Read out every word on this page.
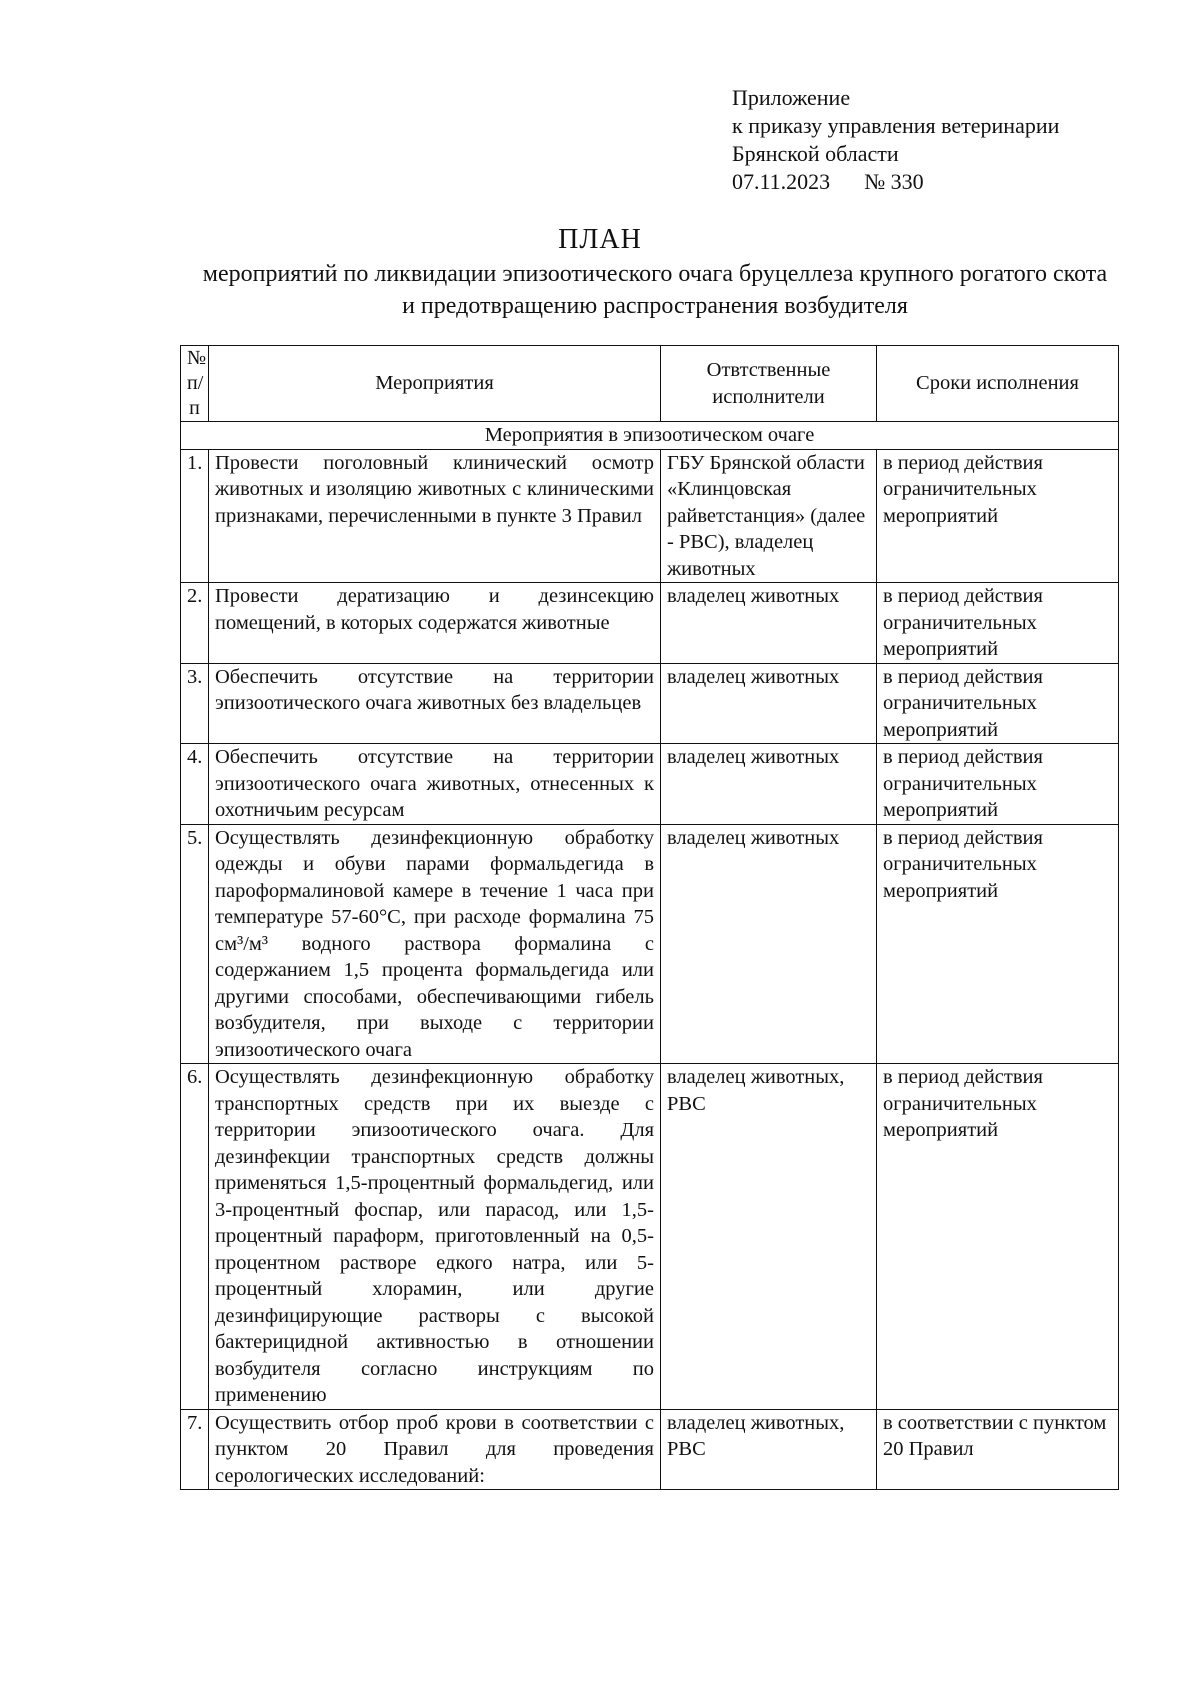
Приложение
к приказу управления ветеринарии
Брянской области
07.11.2023 № 330
ПЛАН
мероприятий по ликвидации эпизоотического очага бруцеллеза крупного рогатого скота и предотвращению распространения возбудителя
№
п/п	Мероприятия	Отвтственные исполнители	Сроки исполнения
Мероприятия в эпизоотическом очаге			
1.	Провести поголовный клинический осмотр животных и изоляцию животных с клиническими признаками, перечисленными в пункте 3 Правил	ГБУ Брянской области «Клинцовская райветстанция» (далее - РВС), владелец животных	в период действия ограничительных мероприятий
2.	Провести дератизацию и дезинсекцию помещений, в которых содержатся животные	владелец животных	в период действия ограничительных мероприятий
3.	Обеспечить отсутствие на территории эпизоотического очага животных без владельцев	владелец животных	в период действия ограничительных мероприятий
4.	Обеспечить отсутствие на территории эпизоотического очага животных, отнесенных к охотничьим ресурсам	владелец животных	в период действия ограничительных мероприятий
5.	Осуществлять дезинфекционную обработку одежды и обуви парами формальдегида в пароформалиновой камере в течение 1 часа при температуре 57-60°С, при расходе формалина 75 см³/м³ водного раствора формалина с содержанием 1,5 процента формальдегида или другими способами, обеспечивающими гибель возбудителя, при выходе с территории эпизоотического очага	владелец животных	в период действия ограничительных мероприятий
6.	Осуществлять дезинфекционную обработку транспортных средств при их выезде с территории эпизоотического очага. Для дезинфекции транспортных средств должны применяться 1,5-процентный формальдегид, или 3-процентный фоспар, или парасод, или 1,5-процентный параформ, приготовленный на 0,5-процентном растворе едкого натра, или 5-процентный хлорамин, или другие дезинфицирующие растворы с высокой бактерицидной активностью в отношении возбудителя согласно инструкциям по применению	владелец животных, РВС	в период действия ограничительных мероприятий
7.	Осуществить отбор проб крови в соответствии с пунктом 20 Правил для проведения серологических исследований:	владелец животных, РВС	в соответствии с пунктом 20 Правил
